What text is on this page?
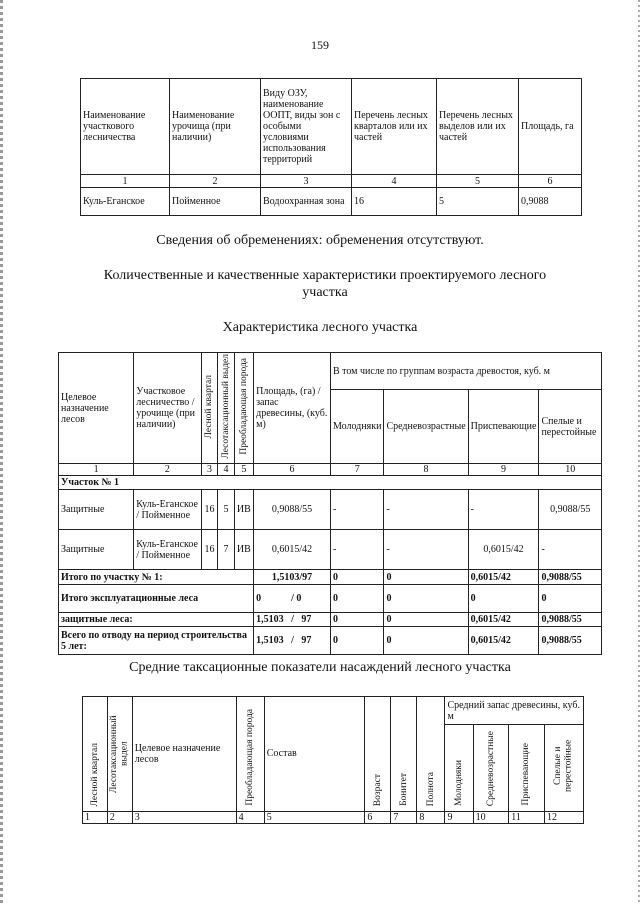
159
Наименование участкового лесничества	Наименование урочища (при наличии)	Виду ОЗУ, наименование ООПТ, виды зон с особыми условиями использования территорий	Перечень лесных кварталов или их частей	Перечень лесных выделов или их частей	Площадь, га
1	2	3	4	5	6
Куль-Еганское	Пойменное	Водоохранная зона	16	5	0,9088
Сведения об обременениях: обременения отсутствуют.
Количественные и качественные характеристики проектируемого лесного участка
Характеристика лесного участка
Целевое назначение лесов	Участковое лесничество / урочище (при наличии)	Лесной квартал	Лесотаксационный выдел	Преобладающая порода	Площадь, (га) / запас древесины, (куб. м)	В том числе по группам возраста древостоя, куб. м			
						Молодняки	Средневозрастные	Приспевающие	Спелые и перестойные
1	2	3	4	5	6	7	8	9	10
Участок № 1									
Защитные	Куль-Еганское / Пойменное	16	5	ИВ	0,9088/55	-	-	-	0,9088/55
Защитные	Куль-Еганское / Пойменное	16	7	ИВ	0,6015/42	-	-	0,6015/42	-
Итого по участку № 1:					1,5103/97	0	0	0,6015/42	0,9088/55
Итого эксплуатационные леса					0 / 0	0	0	0	0
защитные леса:					1,5103   /   97	0	0	0,6015/42	0,9088/55
Всего по отводу на период строительства 5 лет:					1,5103   /   97	0	0	0,6015/42	0,9088/55
Средние таксационные показатели насаждений лесного участка
Лесной квартал	Лесотаксационный выдел	Целевое назначение лесов	Преобладающая порода	Состав	Возраст	Бонитет	Полнота	Средний запас древесины, куб. м			
								Молодняки	Средневозрастные	Приспевающие	Спелые и перестойные
1	2	3	4	5	6	7	8	9	10	11	12
